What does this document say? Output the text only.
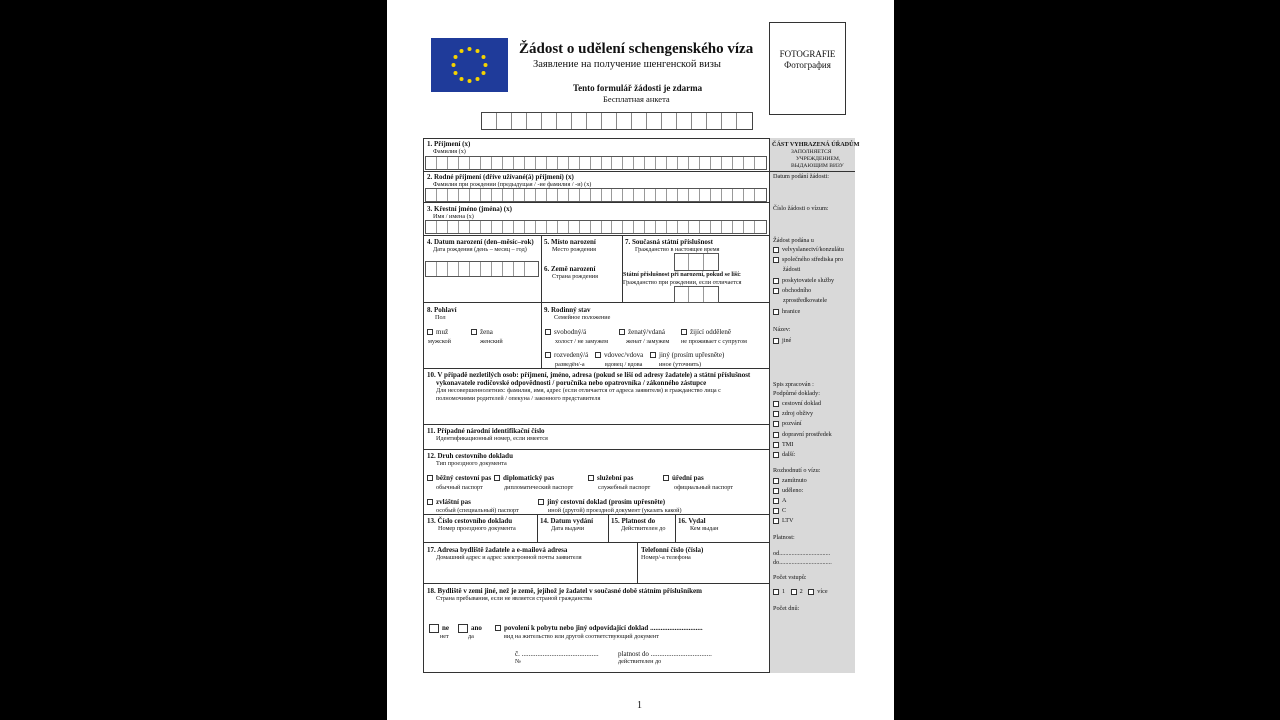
Žádost o udělení schengenského víza
Заявление на получение шенгенской визы
Tento formulář žádosti je zdarma
Бесплатная анкета
FOTOGRAFIE
Фотография
1. Příjmení (x)
Фамилия (x)
2. Rodné příjmení (dříve užívané(á) příjmení) (x)
Фамилия при рождении (предыдущая / -ие фамилия / -и) (x)
3. Křestní jméno (jména) (x)
Имя / имена (x)
4. Datum narození (den–měsíc–rok)
Дата рождения (день – месяц – год)
5. Místo narození
Место рождения
6. Země narození
Страна рождения
7. Současná státní příslušnost
Гражданство в настоящее время
Státní příslušnost při narození, pokud se liší:
Гражданство при рождении, если отличается
8. Pohlaví
Пол
muž
мужской
žena
женский
9. Rodinný stav
Семейное положение
svobodný/á
холост / не замужем
ženatý/vdaná
женат / замужем
žijící odděleně
не проживает с супругом
rozvedený/á
разведён/-а
vdovec/vdova
вдовец / вдова
jiný (prosím upřesněte)
иное (уточнить)
10. V případě nezletilých osob: příjmení, jméno, adresa (pokud se liší od adresy žadatele) a státní příslušnost
vykonavatele rodičovské odpovědnosti / poručníka nebo opatrovníka / zákonného zástupce
Для несовершеннолетних: фамилия, имя, адрес (если отличается от адреса заявителя) и гражданство лица с
полномочиями родителей / опекуна / законного представителя
11. Případné národní identifikační číslo
Идентификационный номер, если имеется
12. Druh cestovního dokladu
Тип проездного документа
běžný cestovní pas
обычный паспорт
diplomatický pas
дипломатический паспорт
služební pas
служебный паспорт
úřední pas
официальный паспорт
zvláštní pas
особый (специальный) паспорт
jiný cestovní doklad (prosím upřesněte)
иной (другой) проездной документ (указать какой)
13. Číslo cestovního dokladu
Номер проездного документа
14. Datum vydání
Дата выдачи
15. Platnost do
Действителен до
16. Vydal
Кем выдан
17. Adresa bydliště žadatele a e-mailová adresa
Домашний адрес и адрес электронной почты заявителя
Telefonní číslo (čísla)
Номер/-а телефона
18. Bydliště v zemi jiné, než je země, jejíhož je žadatel v současné době státním příslušníkem
Страна пребывания, если не является страной гражданства
ne
нет
ano
да
povolení k pobytu nebo jiný odpovídající doklad ..............................
вид на жительство или другой соответствующий документ
č. ............................................
№
platnost do ...................................
действителен до
ČÁST VYHRAZENÁ ÚŘADŮM
ЗАПОЛНЯЕТСЯ
УЧРЕЖДЕНИЕМ,
ВЫДАЮЩИМ ВИЗУ
Datum podání žádosti:
Číslo žádosti o vízum:
Žádost podána u
velvyslanectví/konzulátu
společného střediska pro
žádosti
poskytovatele služby
obchodního
zprostředkovatele
hranice
Název:
jiné
Spis zpracován :
Podpůrné doklady:
cestovní doklad
zdroj obživy
pozvání
dopravní prostředek
TMI
další:
Rozhodnutí o vízu:
zamítnuto
uděleno:
A
C
LTV
Platnost:
od.................................
do..................................
Počet vstupů:
1 2 více
Počet dnů:
1
